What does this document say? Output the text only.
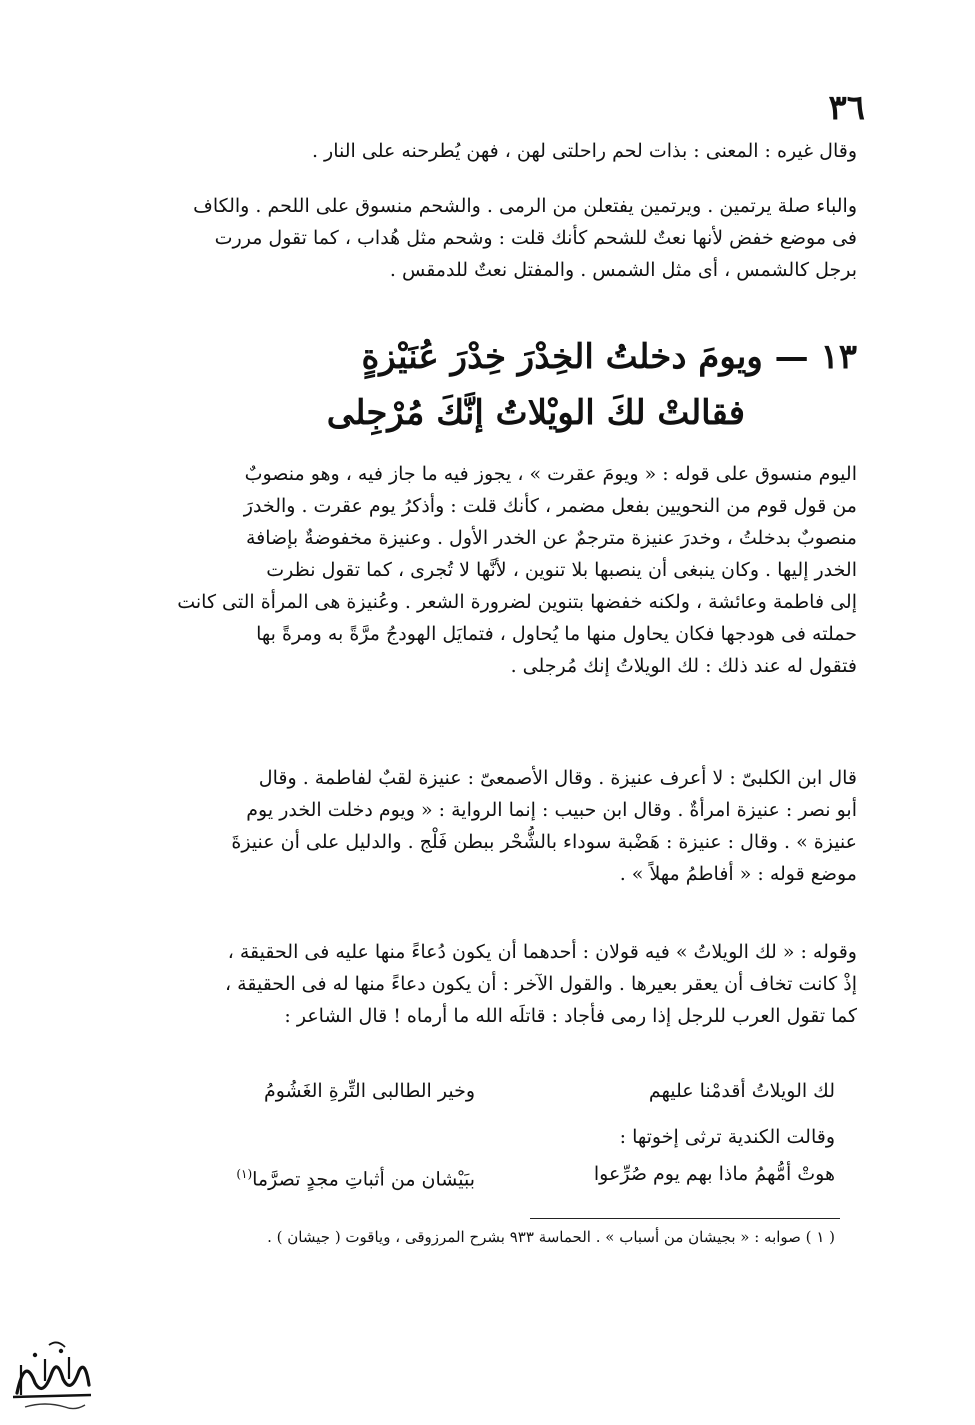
٣٦
وقال غيره : المعنى : بذات لحم راحلتى لهن ، فهن يُطرحنه على النار .
والباء صلة يرتمين . ويرتمين يفتعلن من الرمى . والشحم منسوق على اللحم . والكاف
فى موضع خفض لأنها نعتٌ للشحم كأنك قلت : وشحم مثل هُداب ، كما تقول مررت
برجل كالشمس ، أى مثل الشمس . والمفتل نعتٌ للدمقس .
١٣ — ويومَ دخلتُ الخِدْرَ خِدْرَ عُنَيْزةٍ
فقالتْ لكَ الويْلاتُ إنَّكَ مُرْجِلى
اليوم منسوق على قوله : « ويومَ عقرت » ، يجوز فيه ما جاز فيه ، وهو منصوبٌ
من قول قوم من النحويين بفعل مضمر ، كأنك قلت : وأذكرُ يوم عقرت . والخدرَ
منصوبٌ بدخلتُ ، وخدرَ عنيزة مترجمٌ عن الخدر الأول . وعنيزة مخفوضةٌ بإضافة
الخدر إليها . وكان ينبغى أن ينصبها بلا تنوين ، لأنَّها لا تُجرى ، كما تقول نظرت
إلى فاطمة وعائشة ، ولكنه خفضها بتنوين لضرورة الشعر . وعُنيزة هى المرأة التى كانت
حملته فى هودجها فكان يحاول منها ما يُحاول ، فتمايَل الهودجُ مرَّةً به ومرةً بها
فتقول له عند ذلك : لك الويلاتُ إنك مُرجلى .
قال ابن الكلبىّ : لا أعرف عنيزة . وقال الأصمعىّ : عنيزة لقبٌ لفاطمة . وقال
أبو نصر : عنيزة امرأةٌ . وقال ابن حبيب : إنما الرواية : « ويوم دخلت الخدر يوم
عنيزة » . وقال : عنيزة : هَضْبة سوداء بالشُّحْر ببطن فَلْج . والدليل على أن عنيزةَ
موضع قوله : « أفاطمُ مهلاً » .
وقوله : « لك الويلاتُ » فيه قولان : أحدهما أن يكون دُعاءً منها عليه فى الحقيقة ،
إذْ كانت تخاف أن يعقر بعيرها . والقول الآخر : أن يكون دعاءً منها له فى الحقيقة ،
كما تقول العرب للرجل إذا رمى فأجاد : قاتلَه الله ما أرماه ! قال الشاعر :
لك الويلاتُ أقدمْنا عليهم
وخير الطالبى التِّرةِ الغَشُومُ
وقالت الكندية ترثى إخوتها :
هوتْ أمُّهمُ ماذا بهم يوم صُرِّعوا
ببَيْشان من أثباتِ مجدٍ تصرَّما$^{(١)}$
( ١ ) صوابه : « بجيشان من أسباب » . الحماسة ٩٣٣ بشرح المرزوقى ، وياقوت ( جيشان ) .
